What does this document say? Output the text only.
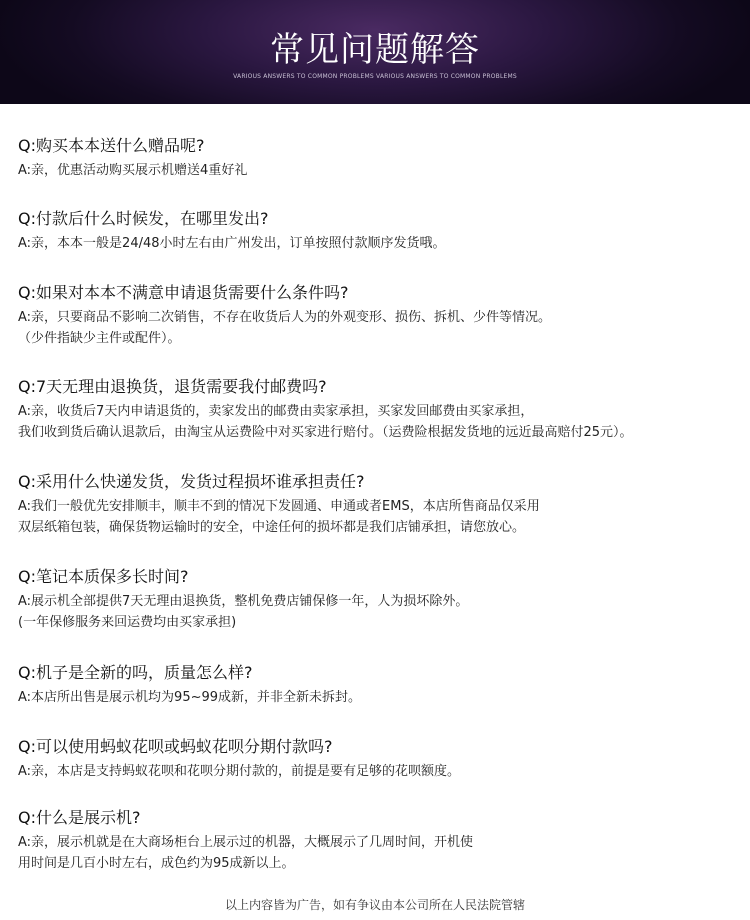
常见问题解答
VARIOUS ANSWERS TO COMMON PROBLEMS VARIOUS ANSWERS TO COMMON PROBLEMS
Q:购买本本送什么赠品呢?
A:亲，优惠活动购买展示机赠送4重好礼
Q:付款后什么时候发，在哪里发出?
A:亲，本本一般是24/48小时左右由广州发出，订单按照付款顺序发货哦。
Q:如果对本本不满意申请退货需要什么条件吗?
A:亲，只要商品不影响二次销售，不存在收货后人为的外观变形、损伤、拆机、少件等情况。
（少件指缺少主件或配件）。
Q:7天无理由退换货，退货需要我付邮费吗?
A:亲，收货后7天内申请退货的，卖家发出的邮费由卖家承担，买家发回邮费由买家承担，
我们收到货后确认退款后，由淘宝从运费险中对买家进行赔付。（运费险根据发货地的远近最高赔付25元）。
Q:采用什么快递发货，发货过程损坏谁承担责任?
A:我们一般优先安排顺丰，顺丰不到的情况下发圆通、申通或者EMS，本店所售商品仅采用
双层纸箱包装，确保货物运输时的安全，中途任何的损坏都是我们店铺承担，请您放心。
Q:笔记本质保多长时间?
A:展示机全部提供7天无理由退换货，整机免费店铺保修一年，人为损坏除外。
(一年保修服务来回运费均由买家承担)
Q:机子是全新的吗，质量怎么样?
A:本店所出售是展示机均为95~99成新，并非全新未拆封。
Q:可以使用蚂蚁花呗或蚂蚁花呗分期付款吗?
A:亲，本店是支持蚂蚁花呗和花呗分期付款的，前提是要有足够的花呗额度。
Q:什么是展示机?
A:亲，展示机就是在大商场柜台上展示过的机器，大概展示了几周时间，开机使
用时间是几百小时左右，成色约为95成新以上。
以上内容皆为广告，如有争议由本公司所在人民法院管辖
